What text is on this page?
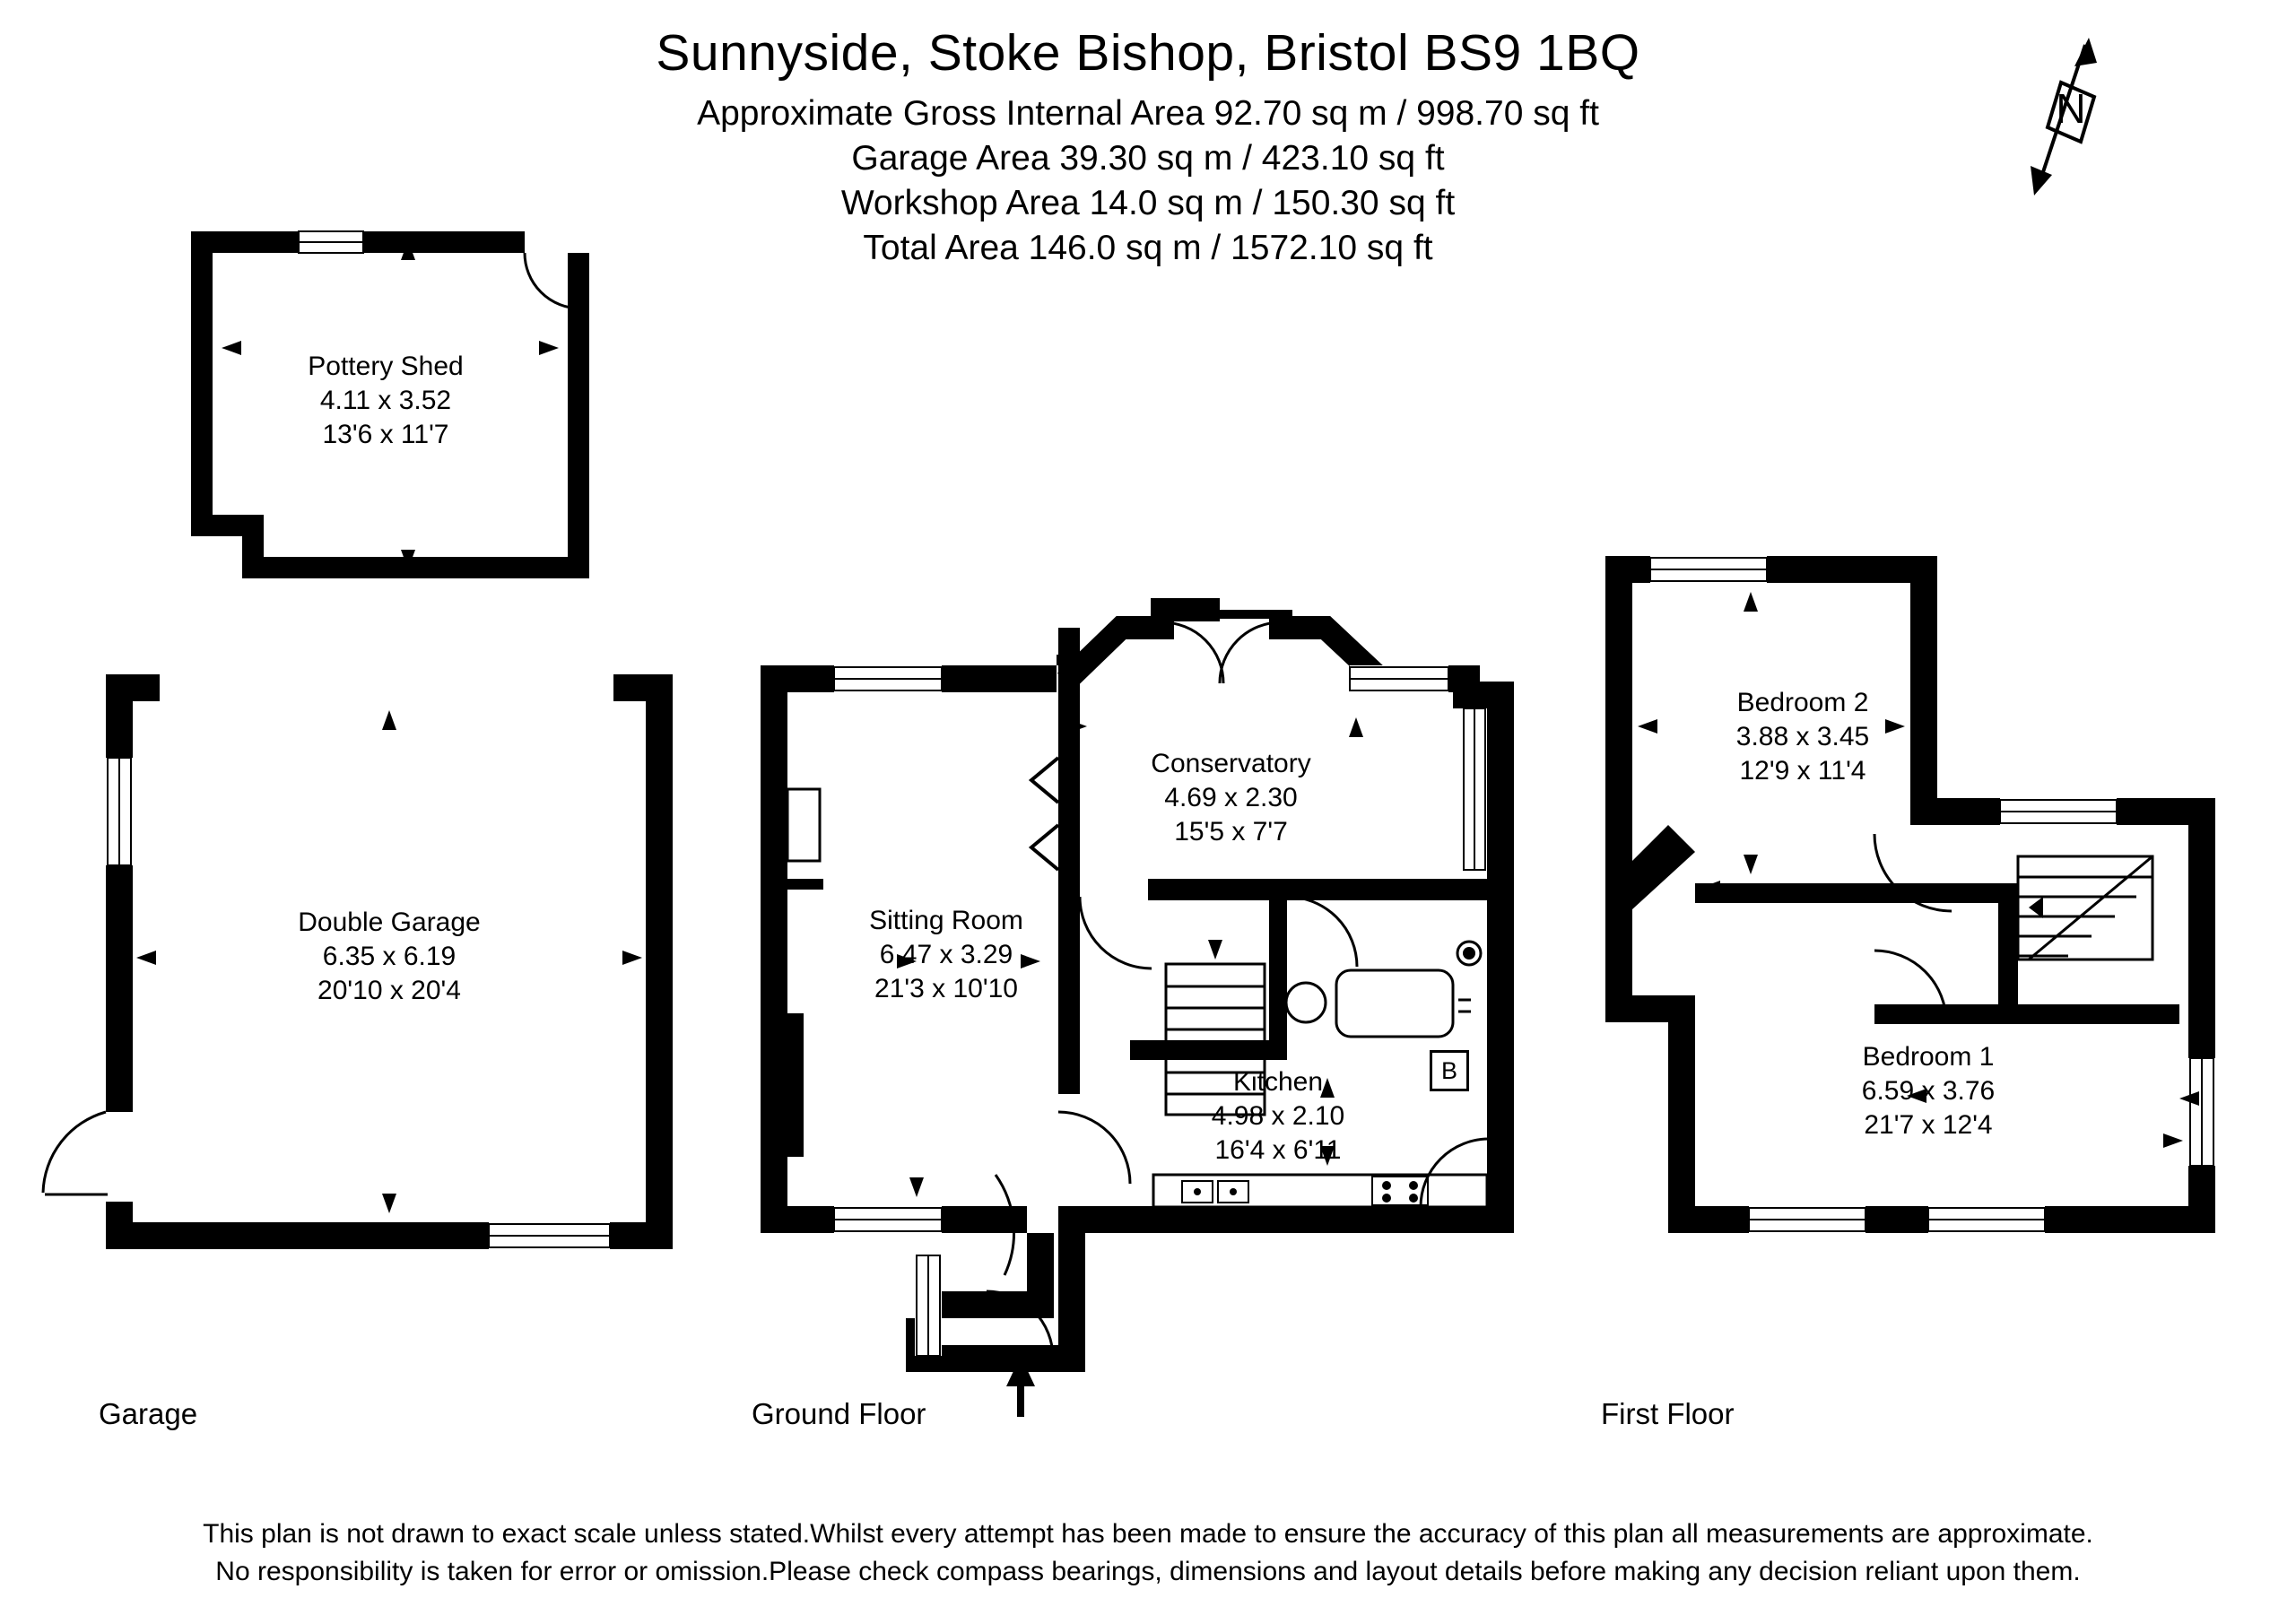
Sunnyside, Stoke Bishop, Bristol BS9 1BQ
Approximate Gross Internal Area 92.70 sq m / 998.70 sq ft
Garage Area 39.30 sq m / 423.10 sq ft
Workshop Area 14.0 sq m / 150.30 sq ft
Total Area 146.0 sq m / 1572.10 sq ft
N
Pottery Shed
4.11 x 3.52
13'6 x 11'7
Double Garage
6.35 x 6.19
20'10 x 20'4
Conservatory
4.69 x 2.30
15'5 x 7'7
Sitting Room
6.47 x 3.29
21'3 x 10'10
Kitchen
4.98 x 2.10
16'4 x 6'11
Bedroom 2
3.88 x 3.45
12'9 x 11'4
Bedroom 1
6.59 x 3.76
21'7 x 12'4
B
Garage	Ground Floor	First Floor
This plan is not drawn to exact scale unless stated.Whilst every attempt has been made to ensure the accuracy of this plan all measurements are approximate.
No responsibility is taken for error or omission.Please check compass bearings, dimensions and layout details before making any decision reliant upon them.
